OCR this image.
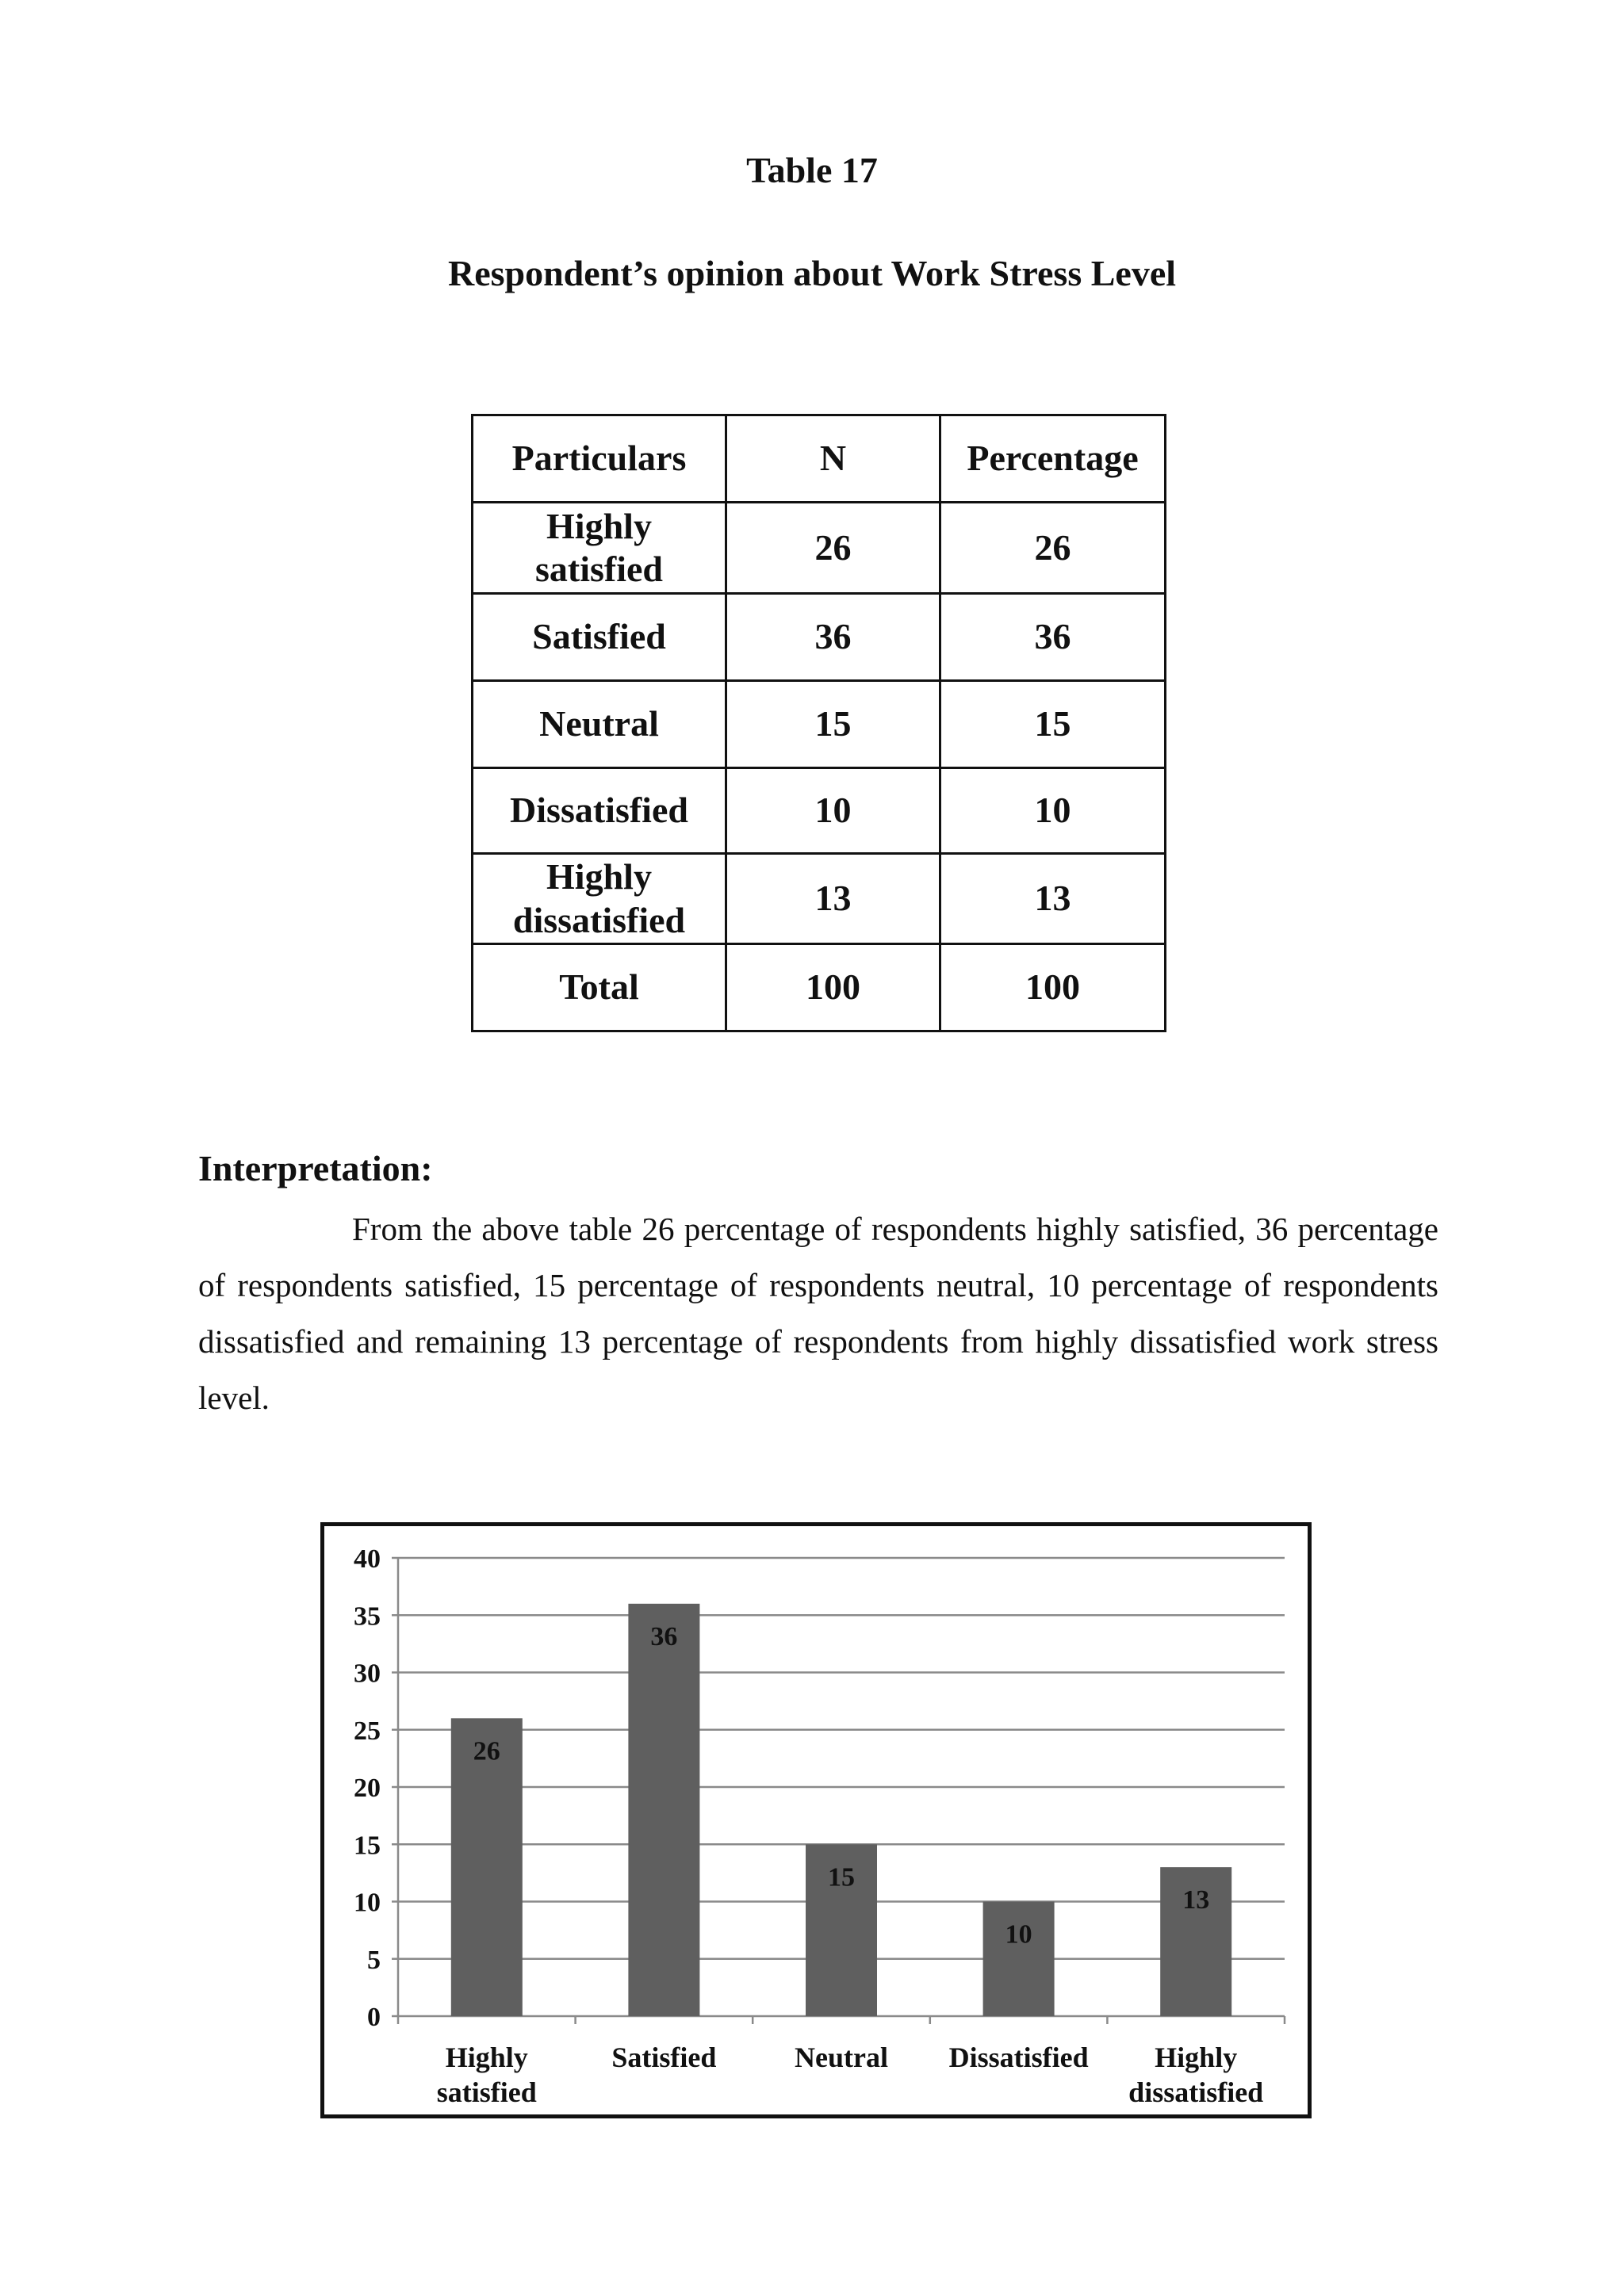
Table 17
Respondent’s opinion about Work Stress Level
Particulars	N	Percentage
Highly satisfied	26	26
Satisfied	36	36
Neutral	15	15
Dissatisfied	10	10
Highly dissatisfied	13	13
Total	100	100
Interpretation:
From the above table 26 percentage of respondents highly satisfied, 36 percentage of respondents satisfied, 15 percentage of respondents neutral, 10 percentage of respondents dissatisfied and remaining 13 percentage of respondents from highly dissatisfied work stress level.
0
5
10
15
20
25
30
35
40
26
Highly satisfied
36
Satisfied
15
Neutral
10
Dissatisfied
13
Highly dissatisfied
